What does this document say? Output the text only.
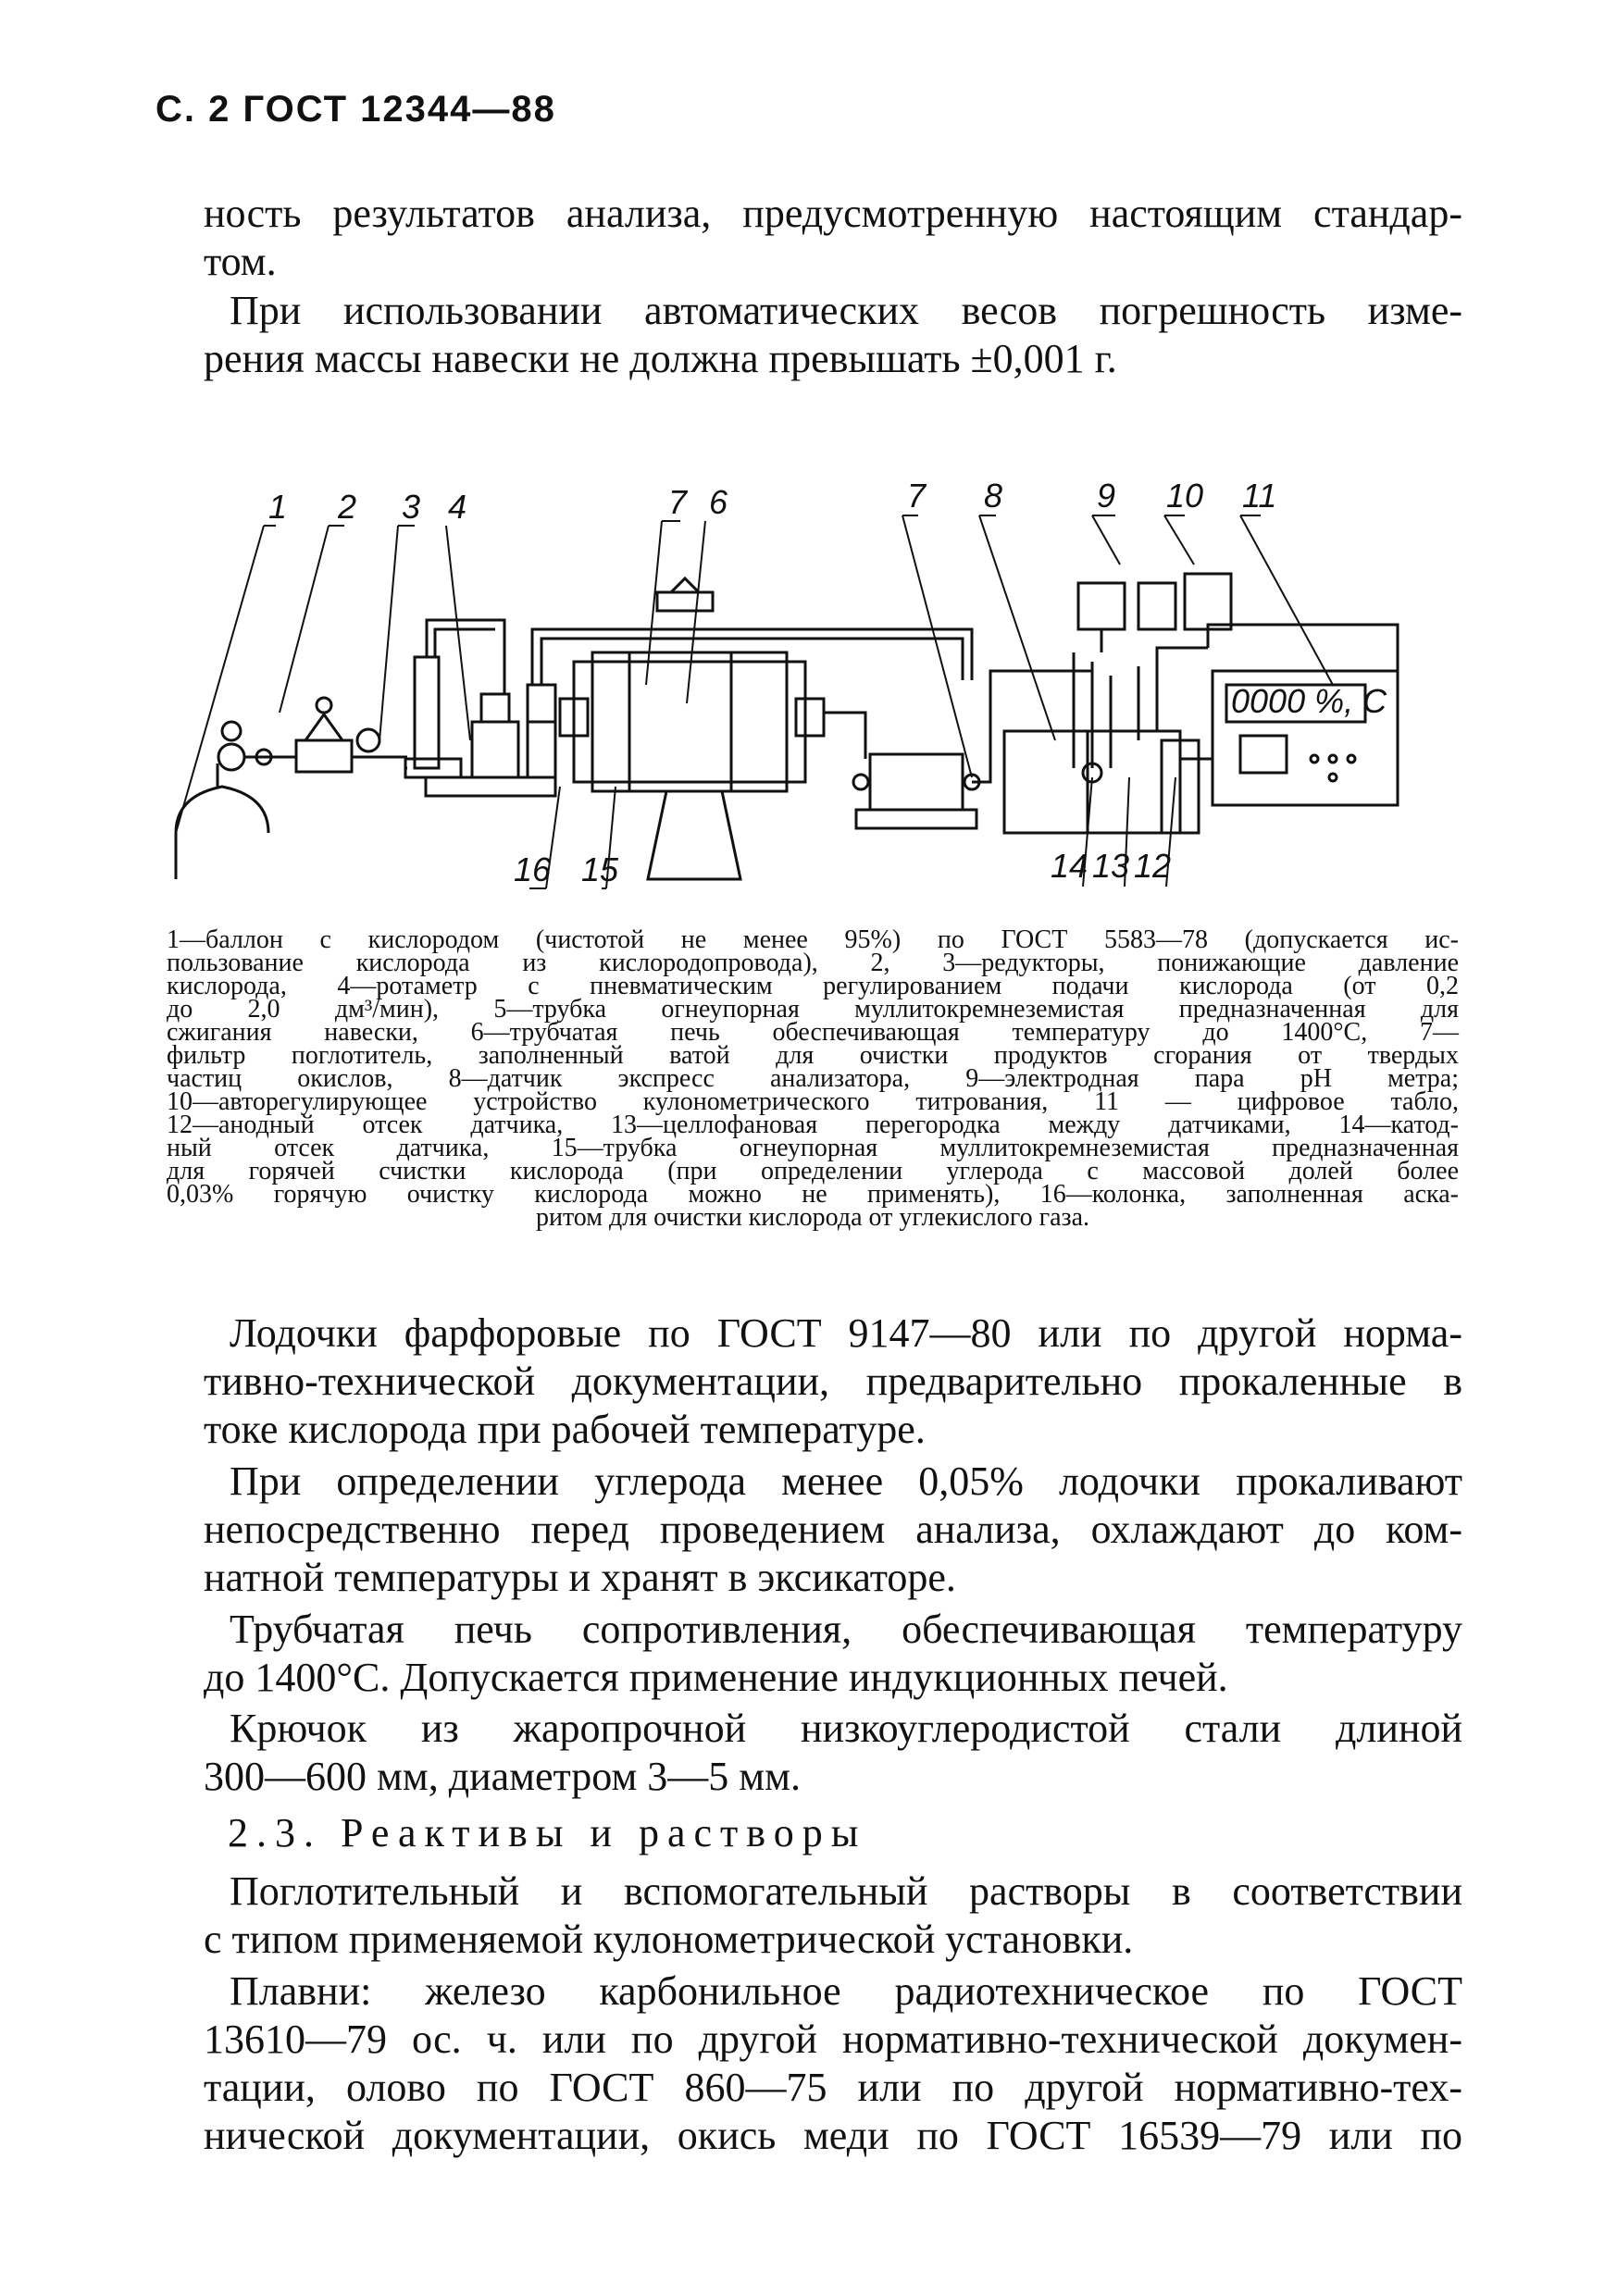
С. 2 ГОСТ 12344—88
ность результатов анализа, предусмотренную настоящим стандар-
том.
При использовании автоматических весов погрешность изме-
рения массы навески не должна превышать ±0,001 г.
1 2 3 4	7 6	7 8	9 10 11
16 15	14 13 12
0000 %, С
1—баллон с кислородом (чистотой не менее 95%) по ГОСТ 5583—78 (допускается ис-
пользование кислорода из кислородопровода), 2, 3—редукторы, понижающие давление
кислорода, 4—ротаметр с пневматическим регулированием подачи кислорода (от 0,2
до 2,0 дм³/мин), 5—трубка огнеупорная муллитокремнеземистая предназначенная для
сжигания навески, 6—трубчатая печь обеспечивающая температуру до 1400°С, 7—
фильтр поглотитель, заполненный ватой для очистки продуктов сгорания от твердых
частиц окислов, 8—датчик экспресс анализатора, 9—электродная пара рН метра;
10—авторегулирующее устройство кулонометрического титрования, 11 — цифровое табло,
12—анодный отсек датчика, 13—целлофановая перегородка между датчиками, 14—катод-
ный отсек датчика, 15—трубка огнеупорная муллитокремнеземистая предназначенная
для горячей счистки кислорода (при определении углерода с массовой долей более
0,03% горячую очистку кислорода можно не применять), 16—колонка, заполненная аска-
ритом для очистки кислорода от углекислого газа.
Лодочки фарфоровые по ГОСТ 9147—80 или по другой норма-
тивно-технической документации, предварительно прокаленные в
токе кислорода при рабочей температуре.
При определении углерода менее 0,05% лодочки прокаливают
непосредственно перед проведением анализа, охлаждают до ком-
натной температуры и хранят в эксикаторе.
Трубчатая печь сопротивления, обеспечивающая температуру
до 1400°С. Допускается применение индукционных печей.
Крючок из жаропрочной низкоуглеродистой стали длиной
300—600 мм, диаметром 3—5 мм.
2.3. Реактивы и растворы
Поглотительный и вспомогательный растворы в соответствии
с типом применяемой кулонометрической установки.
Плавни: железо карбонильное радиотехническое по ГОСТ
13610—79 ос. ч. или по другой нормативно-технической докумен-
тации, олово по ГОСТ 860—75 или по другой нормативно-тех-
нической документации, окись меди по ГОСТ 16539—79 или по
